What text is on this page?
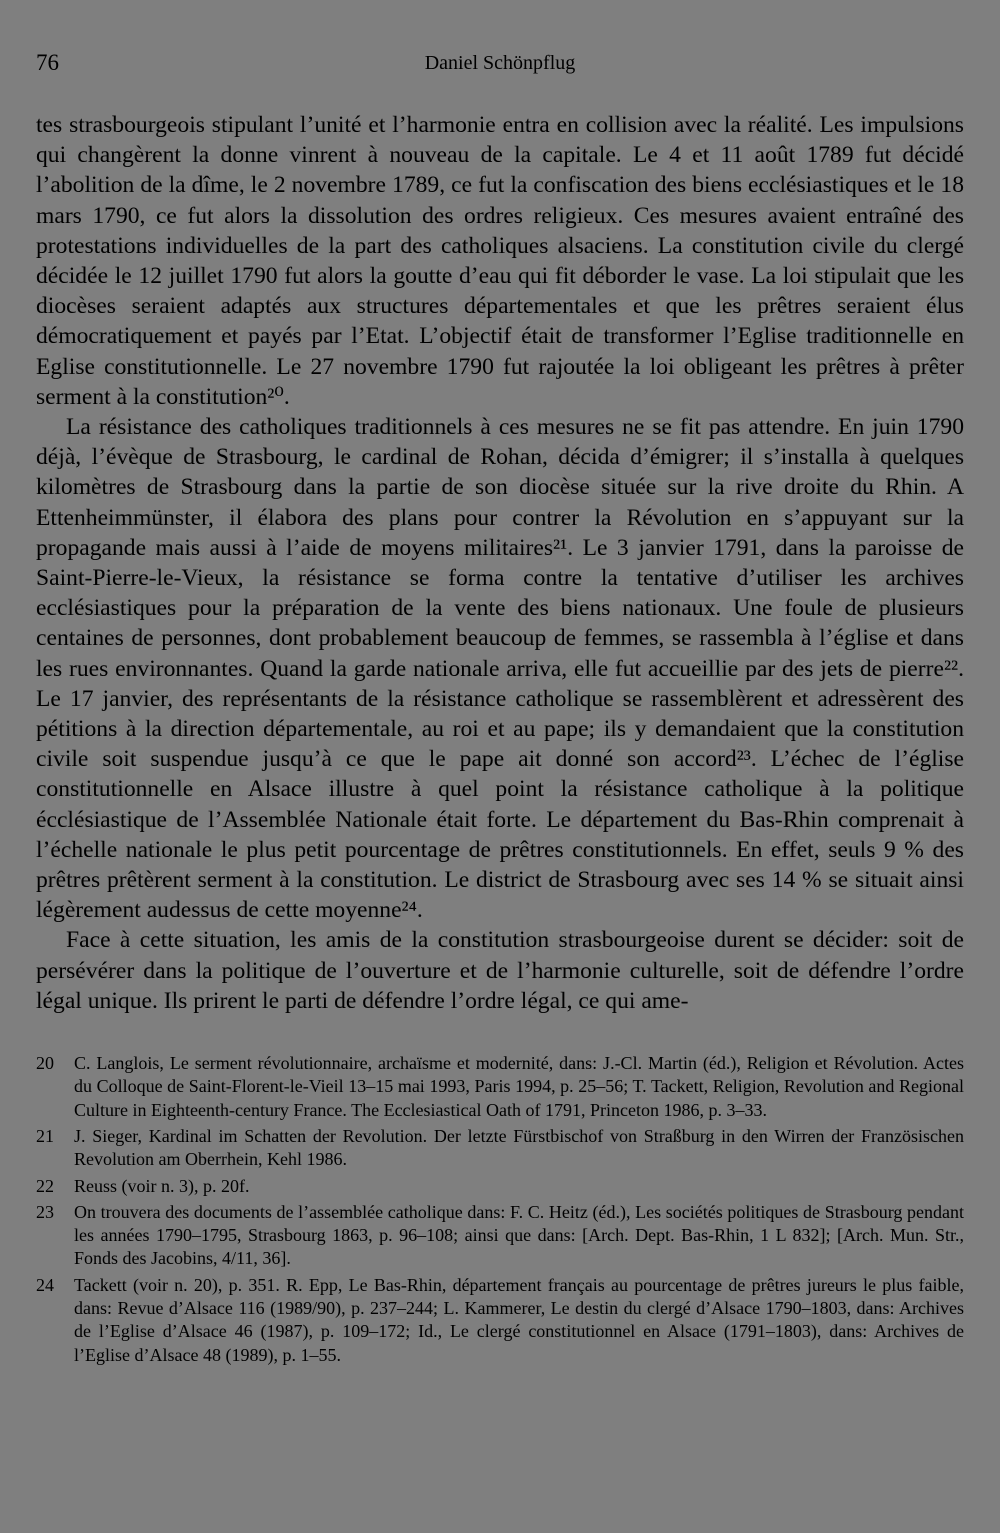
76	Daniel Schönpflug

tes strasbourgeois stipulant l’unité et l’harmonie entra en collision avec la réalité. Les impulsions qui changèrent la donne vinrent à nouveau de la capitale. Le 4 et 11 août 1789 fut décidé l’abolition de la dîme, le 2 novembre 1789, ce fut la confiscation des biens ecclésiastiques et le 18 mars 1790, ce fut alors la dissolution des ordres religieux. Ces mesures avaient entraîné des protestations individuelles de la part des catholiques alsaciens. La constitution civile du clergé décidée le 12 juillet 1790 fut alors la goutte d’eau qui fit déborder le vase. La loi stipulait que les diocèses seraient adaptés aux structures départementales et que les prêtres seraient élus démocratiquement et payés par l’Etat. L’objectif était de transformer l’Eglise traditionnelle en Eglise constitutionnelle. Le 27 novembre 1790 fut rajoutée la loi obligeant les prêtres à prêter serment à la constitution²⁰.

La résistance des catholiques traditionnels à ces mesures ne se fit pas attendre. En juin 1790 déjà, l’évèque de Strasbourg, le cardinal de Rohan, décida d’émigrer; il s’installa à quelques kilomètres de Strasbourg dans la partie de son diocèse située sur la rive droite du Rhin. A Ettenheimmünster, il élabora des plans pour contrer la Révolution en s’appuyant sur la propagande mais aussi à l’aide de moyens militaires²¹. Le 3 janvier 1791, dans la paroisse de Saint-Pierre-le-Vieux, la résistance se forma contre la tentative d’utiliser les archives ecclésiastiques pour la préparation de la vente des biens nationaux. Une foule de plusieurs centaines de personnes, dont probablement beaucoup de femmes, se rassembla à l’église et dans les rues environnantes. Quand la garde nationale arriva, elle fut accueillie par des jets de pierre²². Le 17 janvier, des représentants de la résistance catholique se rassemblèrent et adressèrent des pétitions à la direction départementale, au roi et au pape; ils y demandaient que la constitution civile soit suspendue jusqu’à ce que le pape ait donné son accord²³. L’échec de l’église constitutionnelle en Alsace illustre à quel point la résistance catholique à la politique écclésiastique de l’Assemblée Nationale était forte. Le département du Bas-Rhin comprenait à l’échelle nationale le plus petit pourcentage de prêtres constitutionnels. En effet, seuls 9 % des prêtres prêtèrent serment à la constitution. Le district de Strasbourg avec ses 14 % se situait ainsi légèrement audessus de cette moyenne²⁴.

Face à cette situation, les amis de la constitution strasbourgeoise durent se décider: soit de persévérer dans la politique de l’ouverture et de l’harmonie culturelle, soit de défendre l’ordre légal unique. Ils prirent le parti de défendre l’ordre légal, ce qui ame-

20	C. Langlois, Le serment révolutionnaire, archaïsme et modernité, dans: J.-Cl. Martin (éd.), Religion et Révolution. Actes du Colloque de Saint-Florent-le-Vieil 13–15 mai 1993, Paris 1994, p. 25–56; T. Tackett, Religion, Revolution and Regional Culture in Eighteenth-century France. The Ecclesiastical Oath of 1791, Princeton 1986, p. 3–33.
21	J. Sieger, Kardinal im Schatten der Revolution. Der letzte Fürstbischof von Straßburg in den Wirren der Französischen Revolution am Oberrhein, Kehl 1986.
22	Reuss (voir n. 3), p. 20f.
23	On trouvera des documents de l’assemblée catholique dans: F. C. Heitz (éd.), Les sociétés politiques de Strasbourg pendant les années 1790–1795, Strasbourg 1863, p. 96–108; ainsi que dans: [Arch. Dept. Bas-Rhin, 1 L 832]; [Arch. Mun. Str., Fonds des Jacobins, 4/11, 36].
24	Tackett (voir n. 20), p. 351. R. Epp, Le Bas-Rhin, département français au pourcentage de prêtres jureurs le plus faible, dans: Revue d’Alsace 116 (1989/90), p. 237–244; L. Kammerer, Le destin du clergé d’Alsace 1790–1803, dans: Archives de l’Eglise d’Alsace 46 (1987), p. 109–172; Id., Le clergé constitutionnel en Alsace (1791–1803), dans: Archives de l’Eglise d’Alsace 48 (1989), p. 1–55.
